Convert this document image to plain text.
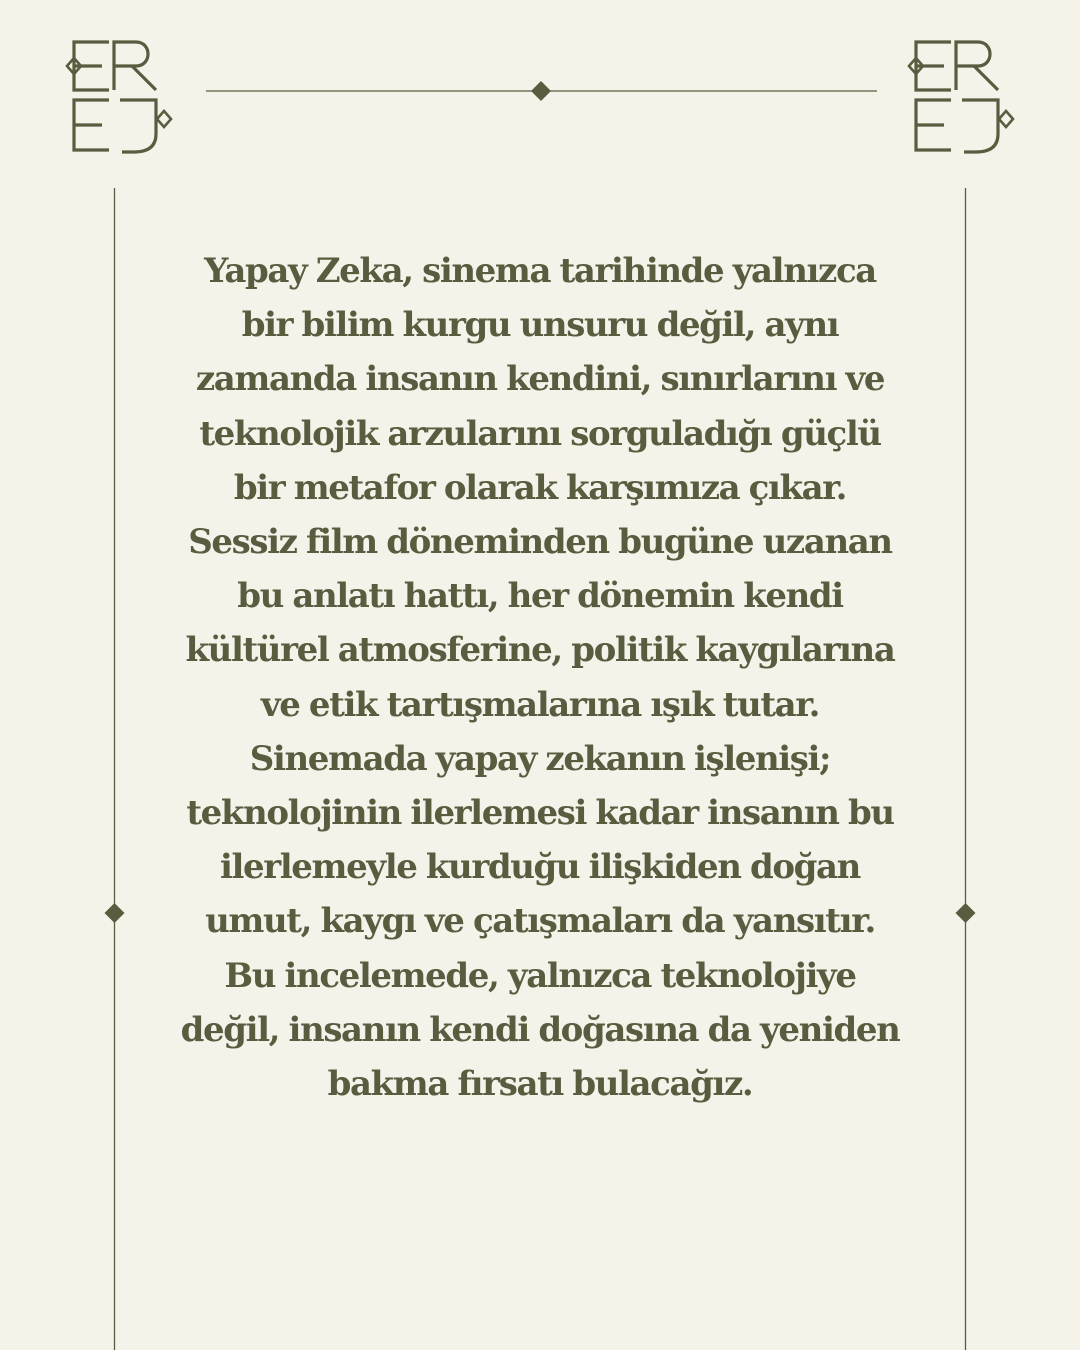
Yapay Zeka, sinema tarihinde yalnızca
bir bilim kurgu unsuru değil, aynı
zamanda insanın kendini, sınırlarını ve
teknolojik arzularını sorguladığı güçlü
bir metafor olarak karşımıza çıkar.
Sessiz film döneminden bugüne uzanan
bu anlatı hattı, her dönemin kendi
kültürel atmosferine, politik kaygılarına
ve etik tartışmalarına ışık tutar.
Sinemada yapay zekanın işlenişi;
teknolojinin ilerlemesi kadar insanın bu
ilerlemeyle kurduğu ilişkiden doğan
umut, kaygı ve çatışmaları da yansıtır.
Bu incelemede, yalnızca teknolojiye
değil, insanın kendi doğasına da yeniden
bakma fırsatı bulacağız.
